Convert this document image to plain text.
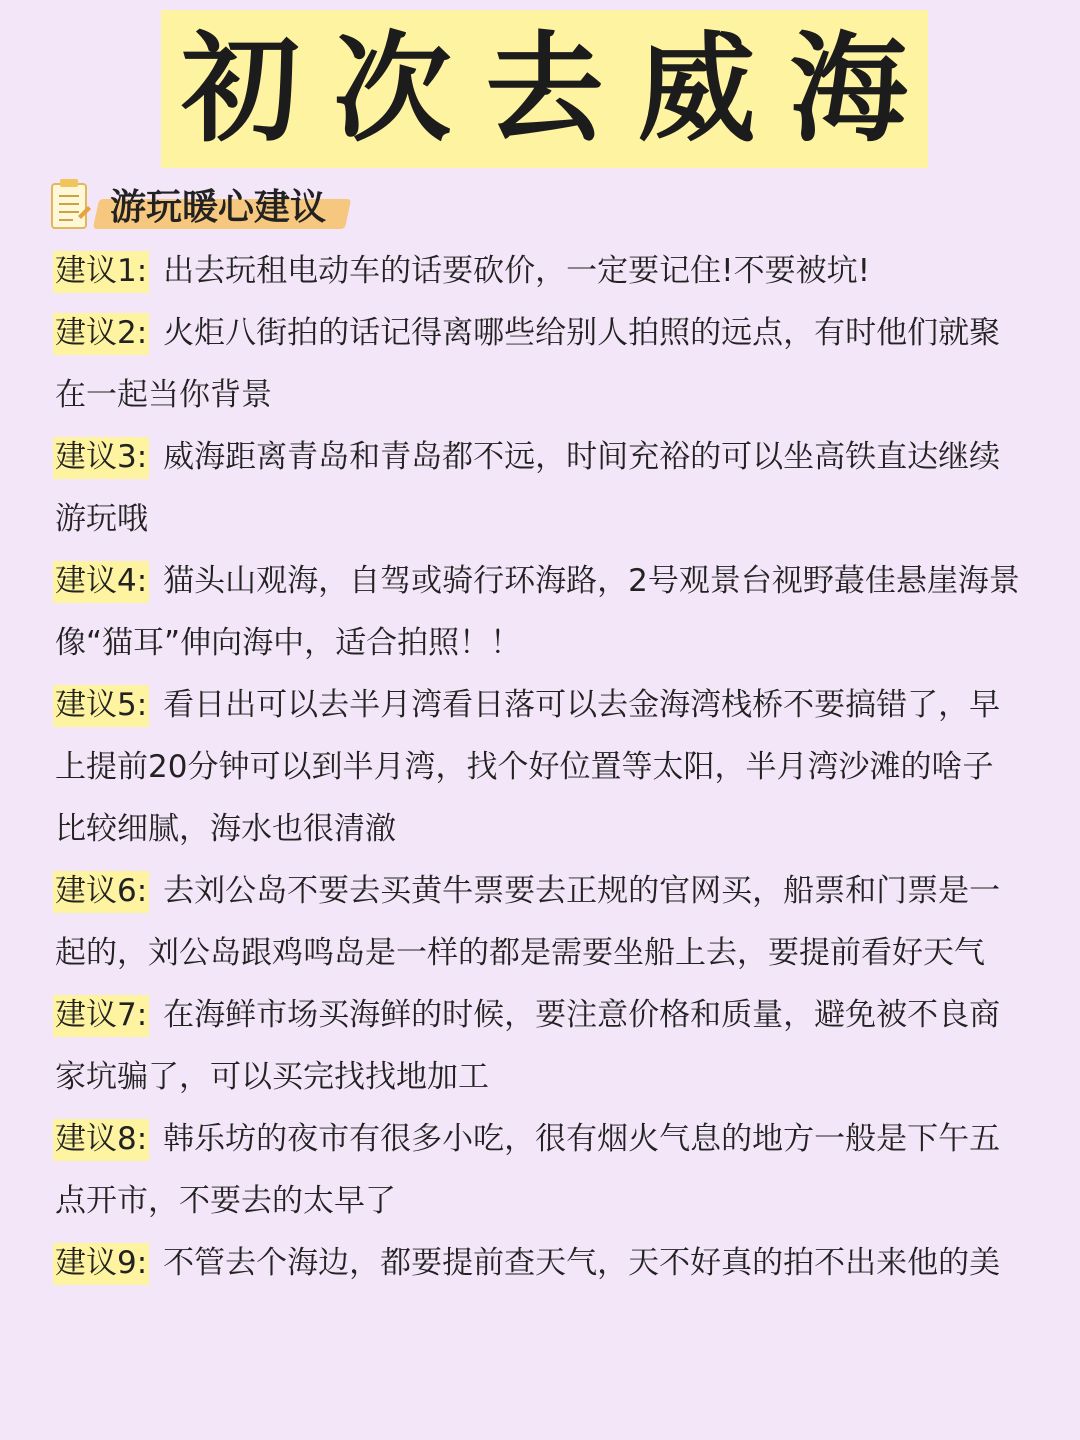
初次去威海
游玩暖心建议

建议1: 出去玩租电动车的话要砍价，一定要记住!不要被坑!

建议2: 火炬八街拍的话记得离哪些给别人拍照的远点，有时他们就聚在一起当你背景

建议3: 威海距离青岛和青岛都不远，时间充裕的可以坐高铁直达继续游玩哦

建议4: 猫头山观海，自驾或骑行环海路，2号观景台视野蕞佳悬崖海景像“猫耳”伸向海中，适合拍照！！

建议5: 看日出可以去半月湾看日落可以去金海湾栈桥不要搞错了，早上提前20分钟可以到半月湾，找个好位置等太阳，半月湾沙滩的啥子比较细腻，海水也很清澈

建议6: 去刘公岛不要去买黄牛票要去正规的官网买，船票和门票是一起的，刘公岛跟鸡鸣岛是一样的都是需要坐船上去，要提前看好天气

建议7: 在海鲜市场买海鲜的时候，要注意价格和质量，避免被不良商家坑骗了，可以买完找找地加工

建议8: 韩乐坊的夜市有很多小吃，很有烟火气息的地方一般是下午五点开市，不要去的太早了

建议9: 不管去个海边，都要提前查天气，天不好真的拍不出来他的美
